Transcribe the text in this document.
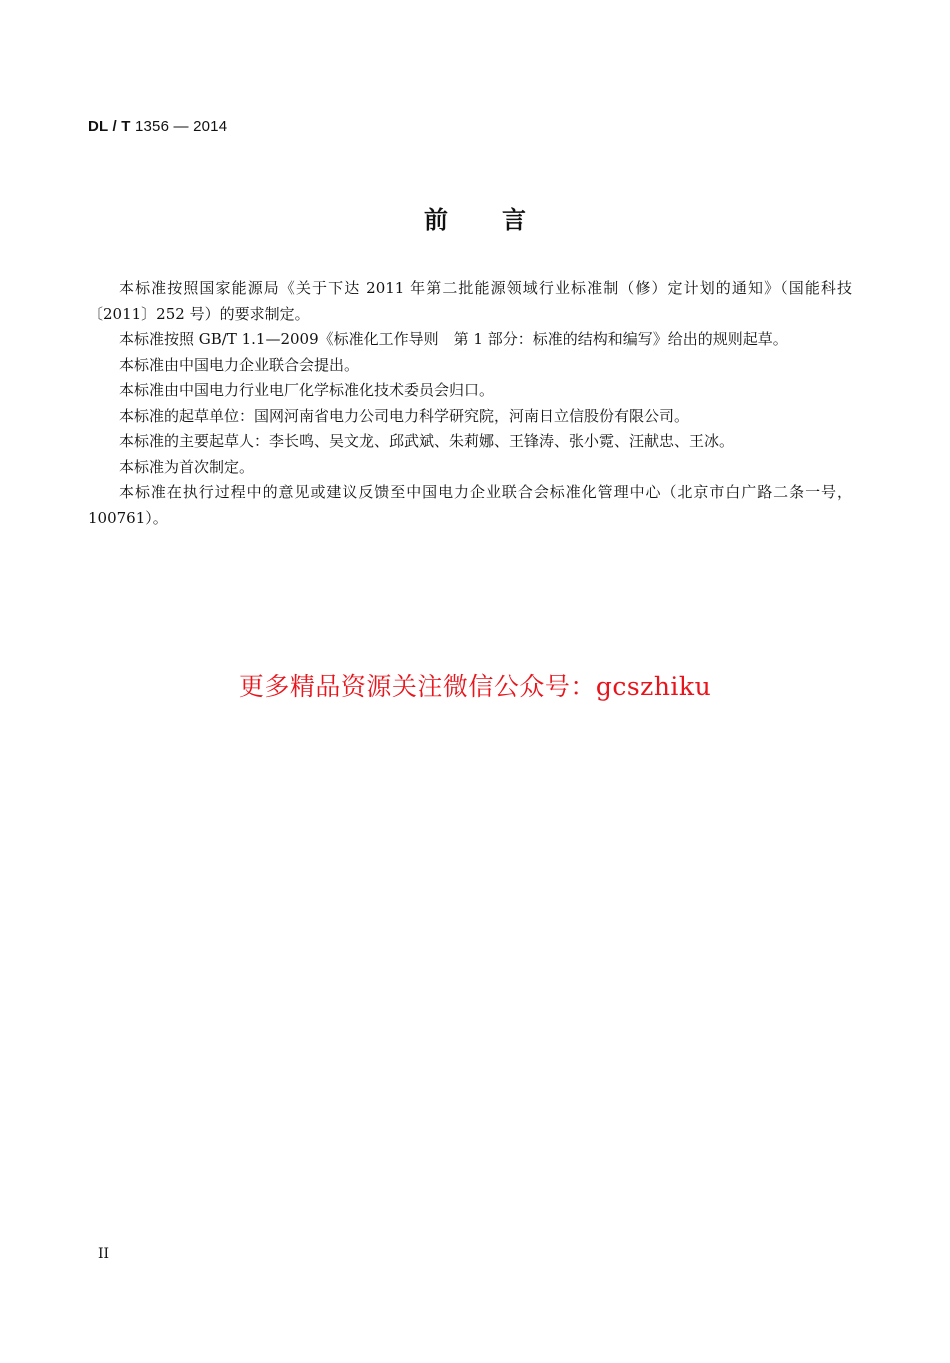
DL / T 1356 — 2014
前言

本标准按照国家能源局《关于下达 2011 年第二批能源领域行业标准制（修）定计划的通知》（国能科技〔2011〕252 号）的要求制定。

本标准按照 GB/T 1.1—2009《标准化工作导则　第 1 部分：标准的结构和编写》给出的规则起草。

本标准由中国电力企业联合会提出。

本标准由中国电力行业电厂化学标准化技术委员会归口。

本标准的起草单位：国网河南省电力公司电力科学研究院，河南日立信股份有限公司。

本标准的主要起草人：李长鸣、吴文龙、邱武斌、朱莉娜、王锋涛、张小霓、汪献忠、王冰。

本标准为首次制定。

本标准在执行过程中的意见或建议反馈至中国电力企业联合会标准化管理中心（北京市白广路二条一号，100761）。

更多精品资源关注微信公众号：gcszhiku
II
